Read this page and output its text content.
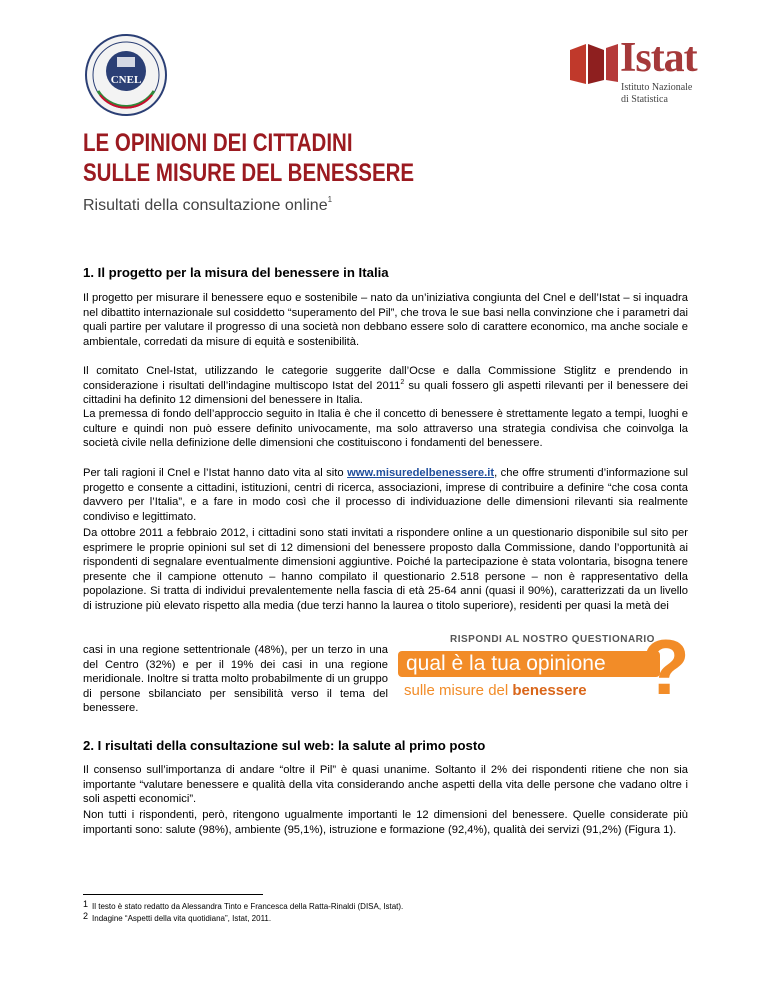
CNEL	Istat
Istituto Nazionale
di Statistica
LE OPINIONI DEI CITTADINI
SULLE MISURE DEL BENESSERE
Risultati della consultazione online$^1$
1. Il progetto per la misura del benessere in Italia
Il progetto per misurare il benessere equo e sostenibile – nato da un’iniziativa congiunta del Cnel e dell’Istat – si inquadra nel dibattito internazionale sul cosiddetto “superamento del Pil”, che trova le sue basi nella convinzione che i parametri dai quali partire per valutare il progresso di una società non debbano essere solo di carattere economico, ma anche sociale e ambientale, corredati da misure di equità e sostenibilità.
Il comitato Cnel-Istat, utilizzando le categorie suggerite dall’Ocse e dalla Commissione Stiglitz e prendendo in considerazione i risultati dell’indagine multiscopo Istat del 2011$^2$ su quali fossero gli aspetti rilevanti per il benessere dei cittadini ha definito 12 dimensioni del benessere in Italia.
La premessa di fondo dell’approccio seguito in Italia è che il concetto di benessere è strettamente legato a tempi, luoghi e culture e quindi non può essere definito univocamente, ma solo attraverso una strategia condivisa che coinvolga la società civile nella definizione delle dimensioni che costituiscono i fondamenti del benessere.
Per tali ragioni il Cnel e l’Istat hanno dato vita al sito www.misuredelbenessere.it, che offre strumenti d’informazione sul progetto e consente a cittadini, istituzioni, centri di ricerca, associazioni, imprese di contribuire a definire “che cosa conta davvero per l’Italia”, e a fare in modo così che il processo di individuazione delle dimensioni rilevanti sia realmente condiviso e legittimato.
Da ottobre 2011 a febbraio 2012, i cittadini sono stati invitati a rispondere online a un questionario disponibile sul sito per esprimere le proprie opinioni sul set di 12 dimensioni del benessere proposto dalla Commissione, dando l’opportunità ai rispondenti di segnalare eventualmente dimensioni aggiuntive. Poiché la partecipazione è stata volontaria, bisogna tenere presente che il campione ottenuto – hanno compilato il questionario 2.518 persone – non è rappresentativo della popolazione. Si tratta di individui prevalentemente nella fascia di età 25-64 anni (quasi il 90%), caratterizzati da un livello di istruzione più elevato rispetto alla media (due terzi hanno la laurea o titolo superiore), residenti per quasi la metà dei
casi in una regione settentrionale (48%), per un terzo in una del Centro (32%) e per il 19% dei casi in una regione meridionale. Inoltre si tratta molto probabilmente di un gruppo di persone sbilanciato per sensibilità verso il tema del benessere.
RISPONDI AL NOSTRO QUESTIONARIO
qual è la tua opinione
sulle misure del benessere ?
2. I risultati della consultazione sul web: la salute al primo posto
Il consenso sull’importanza di andare “oltre il Pil” è quasi unanime. Soltanto il 2% dei rispondenti ritiene che non sia importante “valutare benessere e qualità della vita considerando anche aspetti della vita delle persone che vadano oltre i soli aspetti economici”.
Non tutti i rispondenti, però, ritengono ugualmente importanti le 12 dimensioni del benessere. Quelle considerate più importanti sono: salute (98%), ambiente (95,1%), istruzione e formazione (92,4%), qualità dei servizi (91,2%) (Figura 1).
$^1$ Il testo è stato redatto da Alessandra Tinto e Francesca della Ratta-Rinaldi (DISA, Istat).
$^2$ Indagine “Aspetti della vita quotidiana”, Istat, 2011.
